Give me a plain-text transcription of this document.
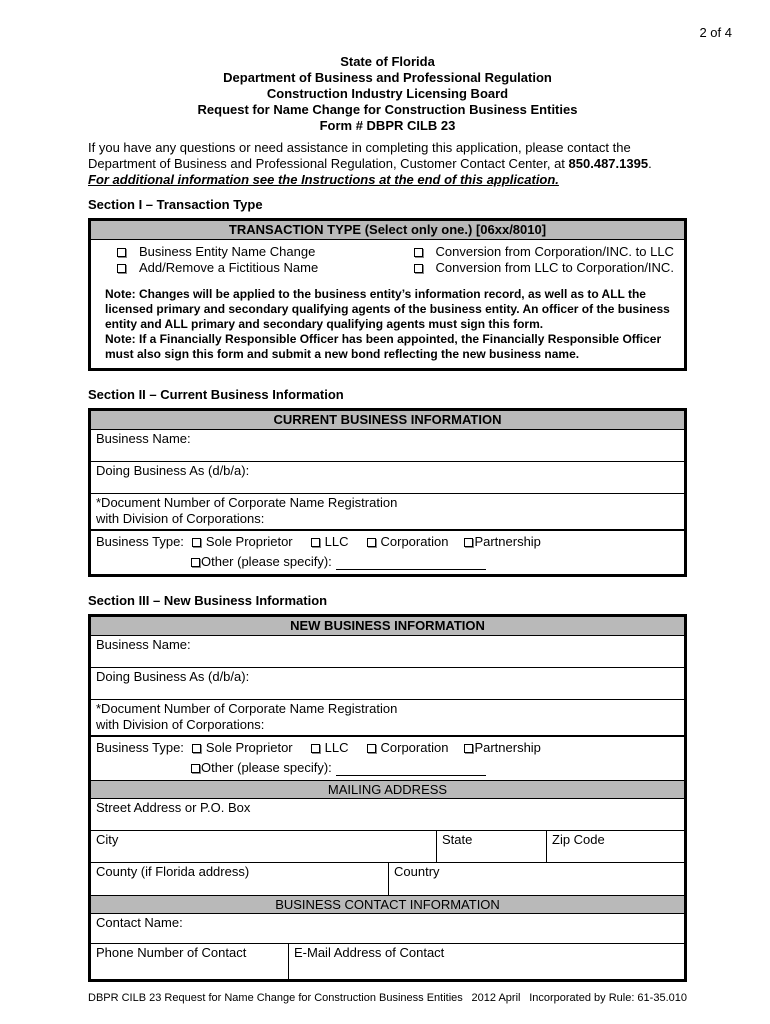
2 of 4
State of Florida
Department of Business and Professional Regulation
Construction Industry Licensing Board
Request for Name Change for Construction Business Entities
Form # DBPR CILB 23
If you have any questions or need assistance in completing this application, please contact the Department of Business and Professional Regulation, Customer Contact Center, at 850.487.1395.
For additional information see the Instructions at the end of this application.
Section I – Transaction Type
TRANSACTION TYPE (Select only one.) [06xx/8010]
Business Entity Name Change	Conversion from Corporation/INC. to LLC
Add/Remove a Fictitious Name	Conversion from LLC to Corporation/INC.

Note: Changes will be applied to the business entity’s information record, as well as to ALL the licensed primary and secondary qualifying agents of the business entity. An officer of the business entity and ALL primary and secondary qualifying agents must sign this form.

Note: If a Financially Responsible Officer has been appointed, the Financially Responsible Officer must also sign this form and submit a new bond reflecting the new business name.

Section II – Current Business Information
CURRENT BUSINESS INFORMATION
Business Name:
Doing Business As (d/b/a):
*Document Number of Corporate Name Registration
with Division of Corporations:
Business Type: Sole Proprietor LLC Corporation Partnership
Other (please specify):
Section III – New Business Information
NEW BUSINESS INFORMATION
Business Name:
Doing Business As (d/b/a):
*Document Number of Corporate Name Registration
with Division of Corporations:
Business Type: Sole Proprietor LLC Corporation Partnership
Other (please specify):
MAILING ADDRESS
Street Address or P.O. Box
City	State	Zip Code
County (if Florida address)	Country
BUSINESS CONTACT INFORMATION
Contact Name:
Phone Number of Contact	E-Mail Address of Contact
DBPR CILB 23 Request for Name Change for Construction Business Entities 2012 April Incorporated by Rule: 61-35.010
